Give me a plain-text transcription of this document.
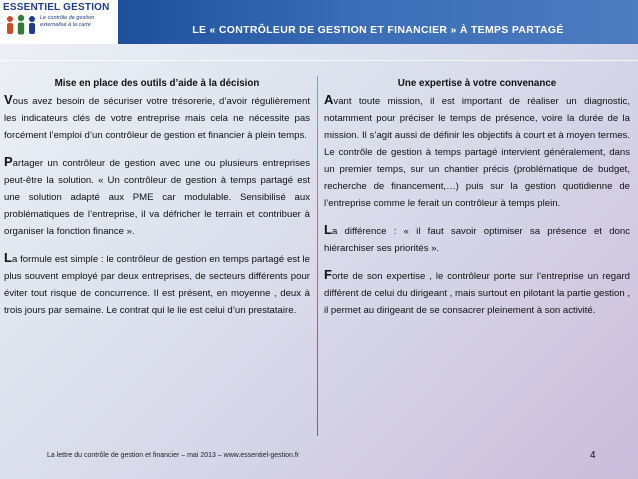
ESSENTIEL GESTION
Le contrôle de gestion externalisé à la carte	LE « CONTRÔLEUR DE GESTION ET FINANCIER » À TEMPS PARTAGÉ
Mise en place des outils d’aide à la décision

Vous avez besoin de sécuriser votre trésorerie, d’avoir régulièrement les indicateurs clés de votre entreprise mais cela ne nécessite pas forcément l’emploi d’un contrôleur de gestion et financier à plein temps.

Partager un contrôleur de gestion avec une ou plusieurs entreprises peut-être la solution. « Un contrôleur de gestion à temps partagé est une solution adapté aux PME car modulable. Sensibilisé aux problématiques de l’entreprise, il va défricher le terrain et contribuer à organiser la fonction finance ».

La formule est simple : le contrôleur de gestion en temps partagé est le plus souvent employé par deux entreprises, de secteurs différents pour éviter tout risque de concurrence. Il est présent, en moyenne , deux à trois jours par semaine. Le contrat qui le lie est celui d’un prestataire.

Une expertise à votre convenance

Avant toute mission, il est important de réaliser un diagnostic, notamment pour préciser le temps de présence, voire la durée de la mission. Il s’agit aussi de définir les objectifs à court et à moyen termes. Le contrôle de gestion à temps partagé intervient généralement, dans un premier temps, sur un chantier précis (problématique de budget, recherche de financement,…) puis sur la gestion quotidienne de l’entreprise comme le ferait un contrôleur à temps plein.

La différence : « il faut savoir optimiser sa présence et donc hiérarchiser ses priorités ».

Forte de son expertise , le contrôleur porte sur l’entreprise un regard différent de celui du dirigeant , mais surtout en pilotant la partie gestion , il permet au dirigeant de se consacrer pleinement à son activité.

La lettre du contrôle de gestion et financier – mai 2013 – www.essentiel-gestion.fr	4
